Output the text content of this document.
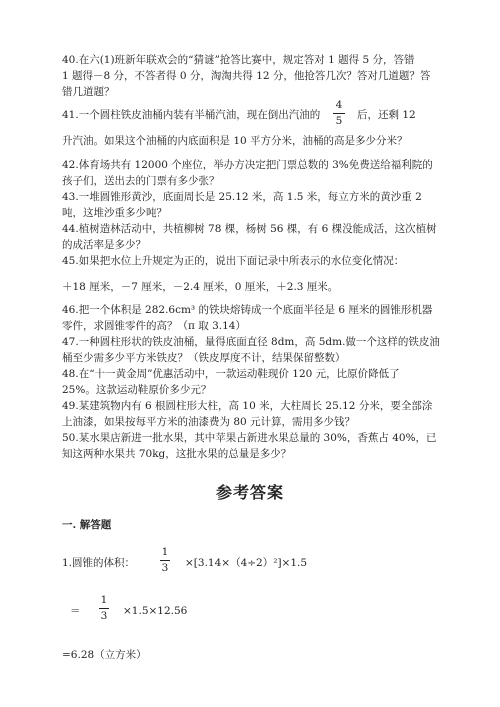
40.在六(1)班新年联欢会的“猜谜”抢答比赛中，规定答对 1 题得 5 分，答错
1 题得－8 分，不答者得 0 分，淘淘共得 12 分，他抢答几次？答对几道题？答
错几道题？
41.一个圆柱铁皮油桶内装有半桶汽油，现在倒出汽油的
4
5 后，还剩 12
升汽油。如果这个油桶的内底面积是 10 平方分米，油桶的高是多少分米？
42.体育场共有 12000 个座位，举办方决定把门票总数的 3%免费送给福利院的
孩子们，送出去的门票有多少张？
43.一堆圆锥形黄沙，底面周长是 25.12 米，高 1.5 米，每立方米的黄沙重 2
吨，这堆沙重多少吨？
44.植树造林活动中，共植柳树 78 棵，杨树 56 棵，有 6 棵没能成活，这次植树
的成活率是多少？
45.如果把水位上升规定为正的，说出下面记录中所表示的水位变化情况：
＋18 厘米，－7 厘米，－2.4 厘米，0 厘米，＋2.3 厘米。
46.把一个体积是 282.6cm³ 的铁块熔铸成一个底面半径是 6 厘米的圆锥形机器
零件，求圆锥零件的高？（π 取 3.14）
47.一种圆柱形状的铁皮油桶，量得底面直径 8dm，高 5dm.做一个这样的铁皮油
桶至少需多少平方米铁皮？（铁皮厚度不计，结果保留整数）
48.在“十一黄金周”优惠活动中，一款运动鞋现价 120 元，比原价降低了
25%。这款运动鞋原价多少元？
49.某建筑物内有 6 根圆柱形大柱，高 10 米，大柱周长 25.12 分米，要全部涂
上油漆，如果按每平方米的油漆费为 80 元计算，需用多少钱？
50.某水果店新进一批水果，其中苹果占新进水果总量的 30%，香蕉占 40%，已
知这两种水果共 70kg，这批水果的总量是多少？
参考答案
一. 解答题
1.圆锥的体积：
1
3 ×[3.14×（4÷2）²]×1.5
＝
1
3 ×1.5×12.56
=6.28（立方米）
